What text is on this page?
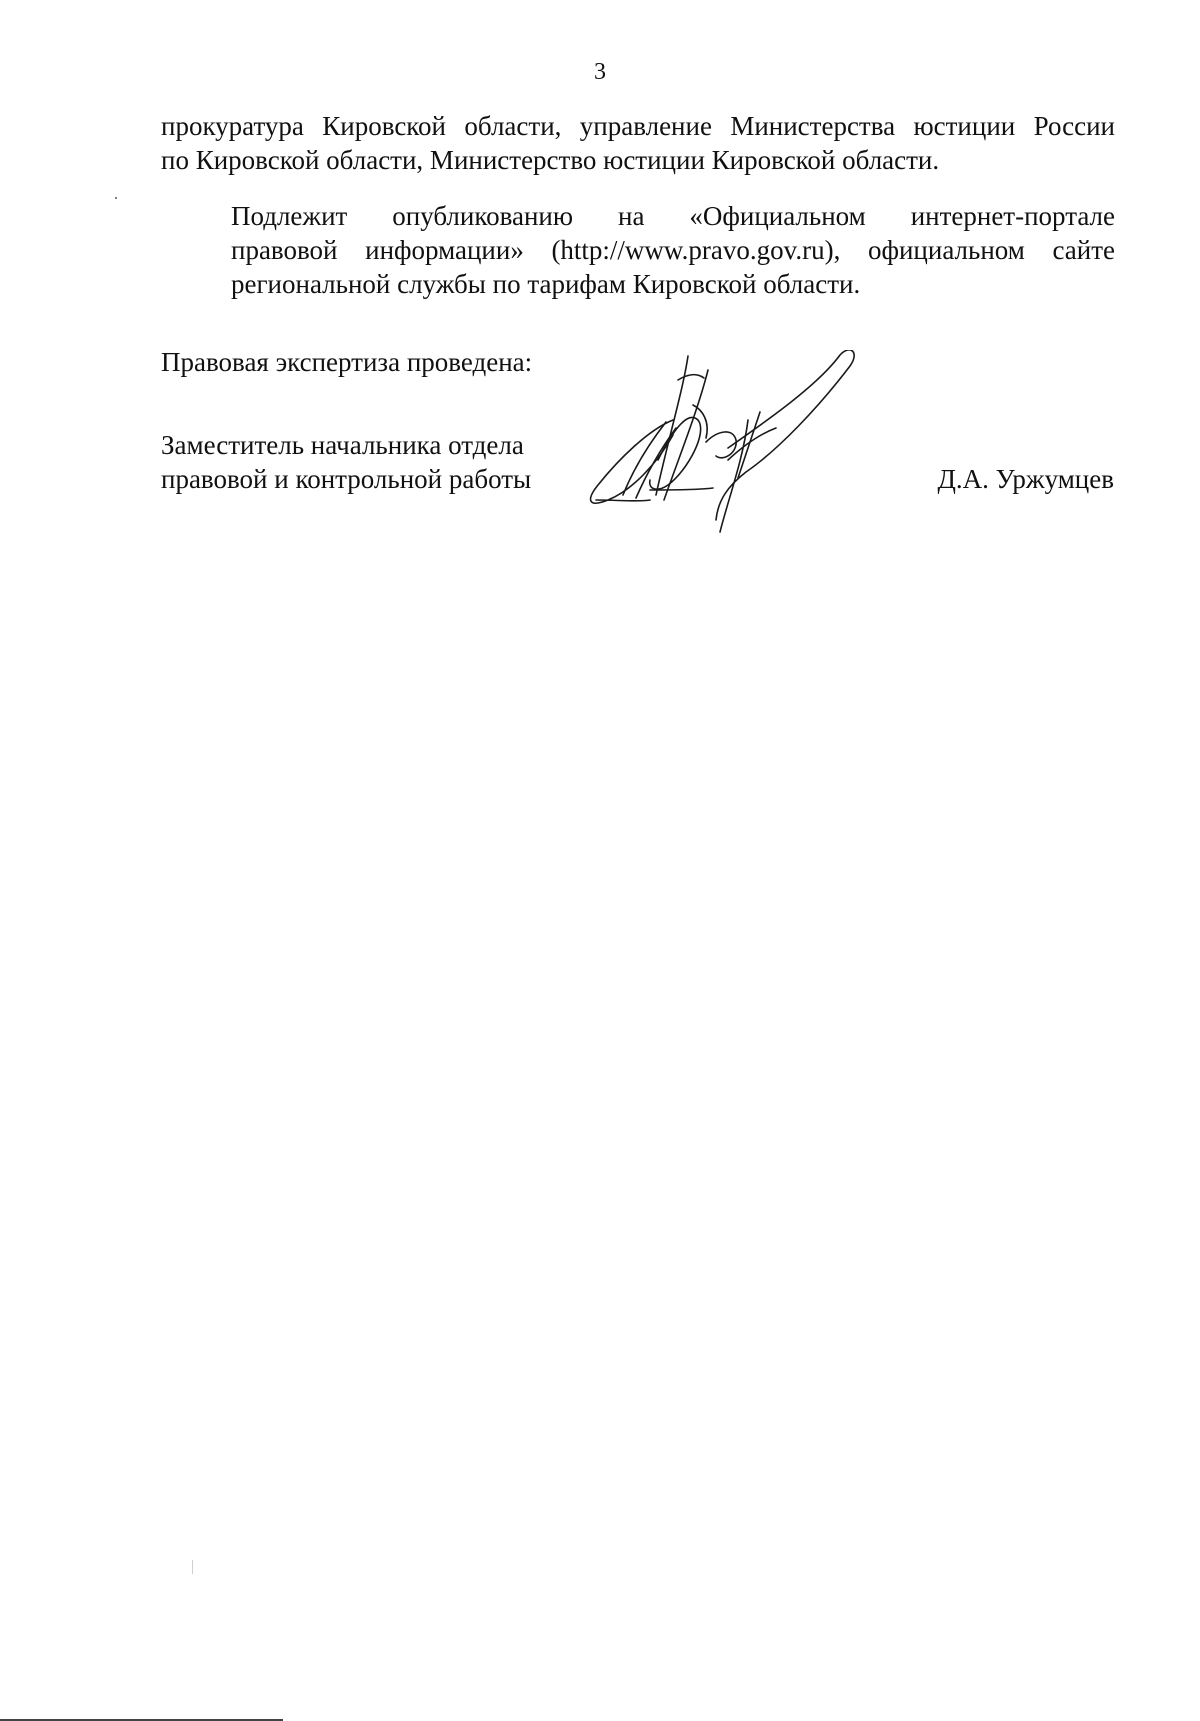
3
прокуратура Кировской области, управление Министерства юстиции России
по Кировской области, Министерство юстиции Кировской области.
Подлежит опубликованию на «Официальном интернет-портале
правовой информации» (http://www.pravo.gov.ru), официальном сайте
региональной службы по тарифам Кировской области.
Правовая экспертиза проведена:
Заместитель начальника отдела
правовой и контрольной работы	Д.А. Уржумцев
